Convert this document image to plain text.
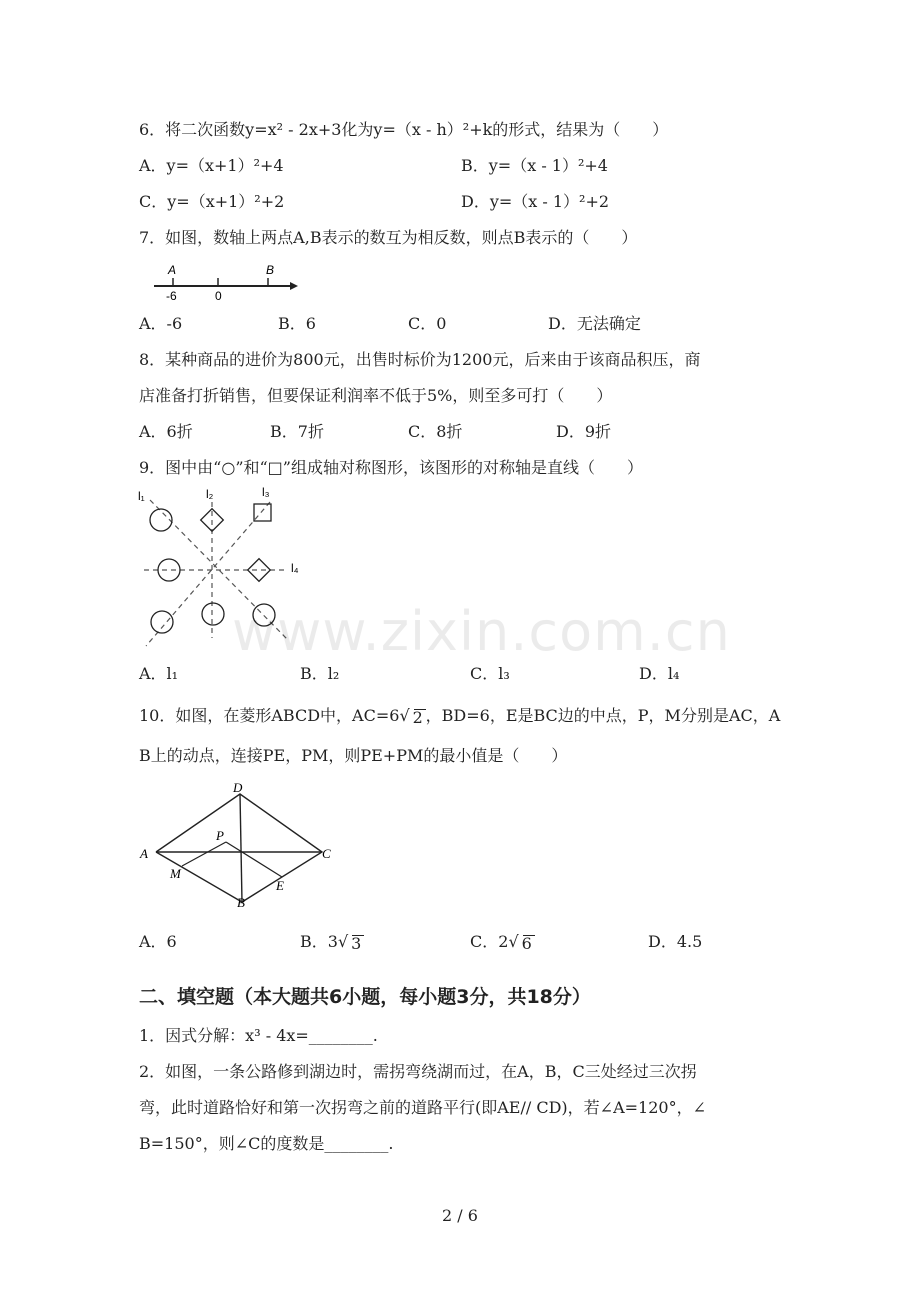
6．将二次函数y=x² - 2x+3化为y=（x - h）²+k的形式，结果为（　　）
A．y=（x+1）²+4	B．y=（x - 1）²+4
C．y=（x+1）²+2	D．y=（x - 1）²+2
7．如图，数轴上两点A,B表示的数互为相反数，则点B表示的（　　）
A	B
-6	0
A．-6	B．6	C．0	D．无法确定
8．某种商品的进价为800元，出售时标价为1200元，后来由于该商品积压，商
店准备打折销售，但要保证利润率不低于5%，则至多可打（　　）
A．6折	B．7折	C．8折	D．9折
9．图中由“○”和“□”组成轴对称图形，该图形的对称轴是直线（　　）
l₁	l₂	l₃
l₄
A．l₁	B．l₂	C．l₃	D．l₄
10．如图，在菱形ABCD中，AC=6√ 2 ，BD=6，E是BC边的中点，P，M分别是AC，A
B上的动点，连接PE，PM，则PE+PM的最小值是（　　）
A
D
C
B
P
M
E
A．6	B．3√ 3	C．2√ 6	D．4.5
二、填空题（本大题共6小题，每小题3分，共18分）
1．因式分解：x³ - 4x=________.
2．如图，一条公路修到湖边时，需拐弯绕湖而过，在A，B，C三处经过三次拐
弯，此时道路恰好和第一次拐弯之前的道路平行(即AE// CD)，若∠A=120°，∠
B=150°，则∠C的度数是________.
www.zixin.com.cn
2 / 6
